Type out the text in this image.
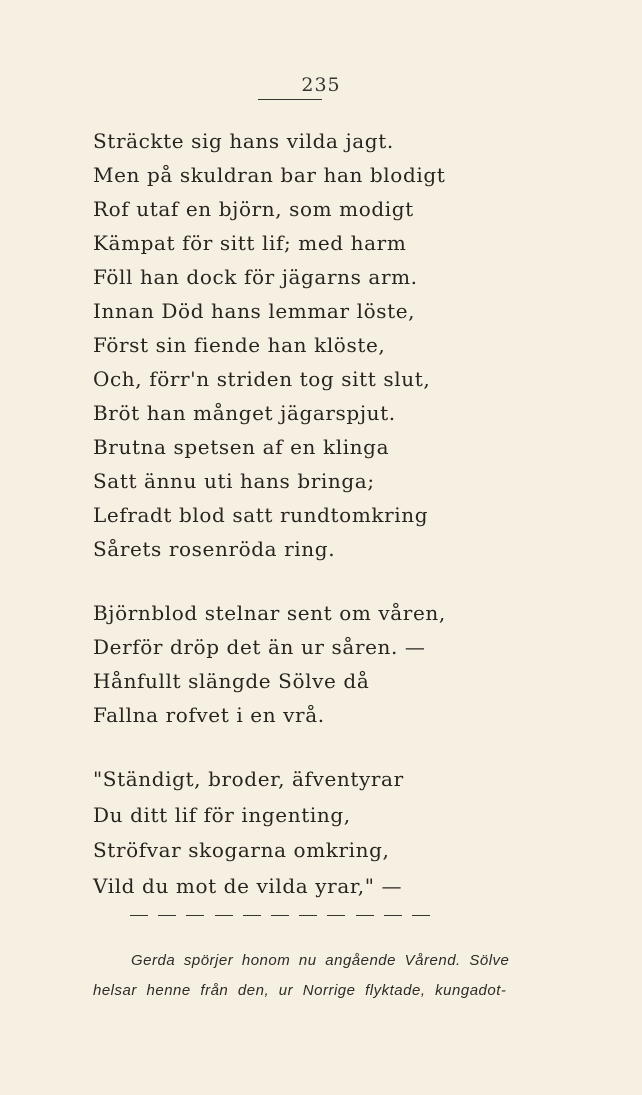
235
Sträckte sig hans vilda jagt.
Men på skuldran bar han blodigt
Rof utaf en björn, som modigt
Kämpat för sitt lif; med harm
Föll han dock för jägarns arm.
Innan Död hans lemmar löste,
Först sin fiende han klöste,
Och, förr'n striden tog sitt slut,
Bröt han månget jägarspjut.
Brutna spetsen af en klinga
Satt ännu uti hans bringa;
Lefradt blod satt rundtomkring
Sårets rosenröda ring.
Björnblod stelnar sent om våren,
Derför dröp det än ur såren. —
Hånfullt slängde Sölve då
Fallna rofvet i en vrå.
"Ständigt, broder, äfventyrar
Du ditt lif för ingenting,
Ströfvar skogarna omkring,
Vild du mot de vilda yrar," —
Gerda spörjer honom nu angående Vårend. Sölve
helsar henne från den, ur Norrige flyktade, kungadot-
